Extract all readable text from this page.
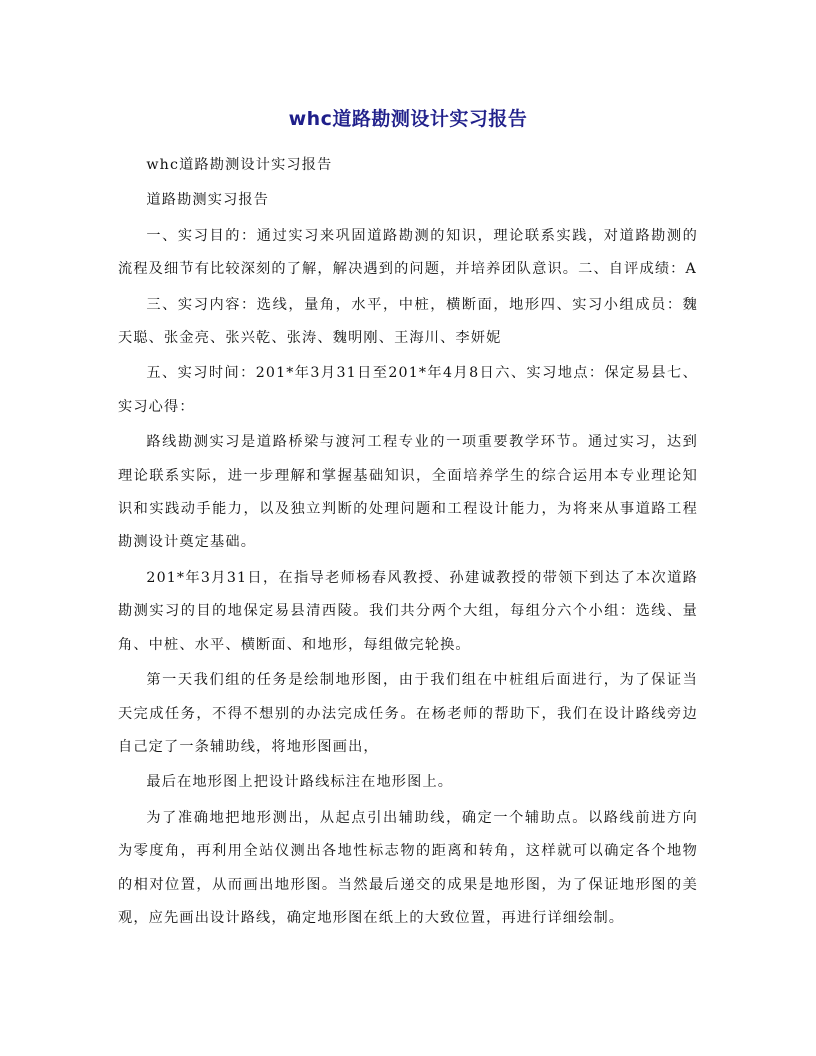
whc道路勘测设计实习报告

whc道路勘测设计实习报告

道路勘测实习报告

一、实习目的：通过实习来巩固道路勘测的知识，理论联系实践，对道路勘测的流程及细节有比较深刻的了解，解决遇到的问题，并培养团队意识。二、自评成绩：A

三、实习内容：选线，量角，水平，中桩，横断面，地形四、实习小组成员：魏天聪、张金亮、张兴乾、张涛、魏明刚、王海川、李妍妮

五、实习时间：201*年3月31日至201*年4月8日六、实习地点：保定易县七、实习心得：

路线勘测实习是道路桥梁与渡河工程专业的一项重要教学环节。通过实习，达到理论联系实际，进一步理解和掌握基础知识，全面培养学生的综合运用本专业理论知识和实践动手能力，以及独立判断的处理问题和工程设计能力，为将来从事道路工程勘测设计奠定基础。

201*年3月31日，在指导老师杨春风教授、孙建诚教授的带领下到达了本次道路勘测实习的目的地保定易县清西陵。我们共分两个大组，每组分六个小组：选线、量角、中桩、水平、横断面、和地形，每组做完轮换。

第一天我们组的任务是绘制地形图，由于我们组在中桩组后面进行，为了保证当天完成任务，不得不想别的办法完成任务。在杨老师的帮助下，我们在设计路线旁边自己定了一条辅助线，将地形图画出，

最后在地形图上把设计路线标注在地形图上。

为了准确地把地形测出，从起点引出辅助线，确定一个辅助点。以路线前进方向为零度角，再利用全站仪测出各地性标志物的距离和转角，这样就可以确定各个地物的相对位置，从而画出地形图。当然最后递交的成果是地形图，为了保证地形图的美观，应先画出设计路线，确定地形图在纸上的大致位置，再进行详细绘制。
